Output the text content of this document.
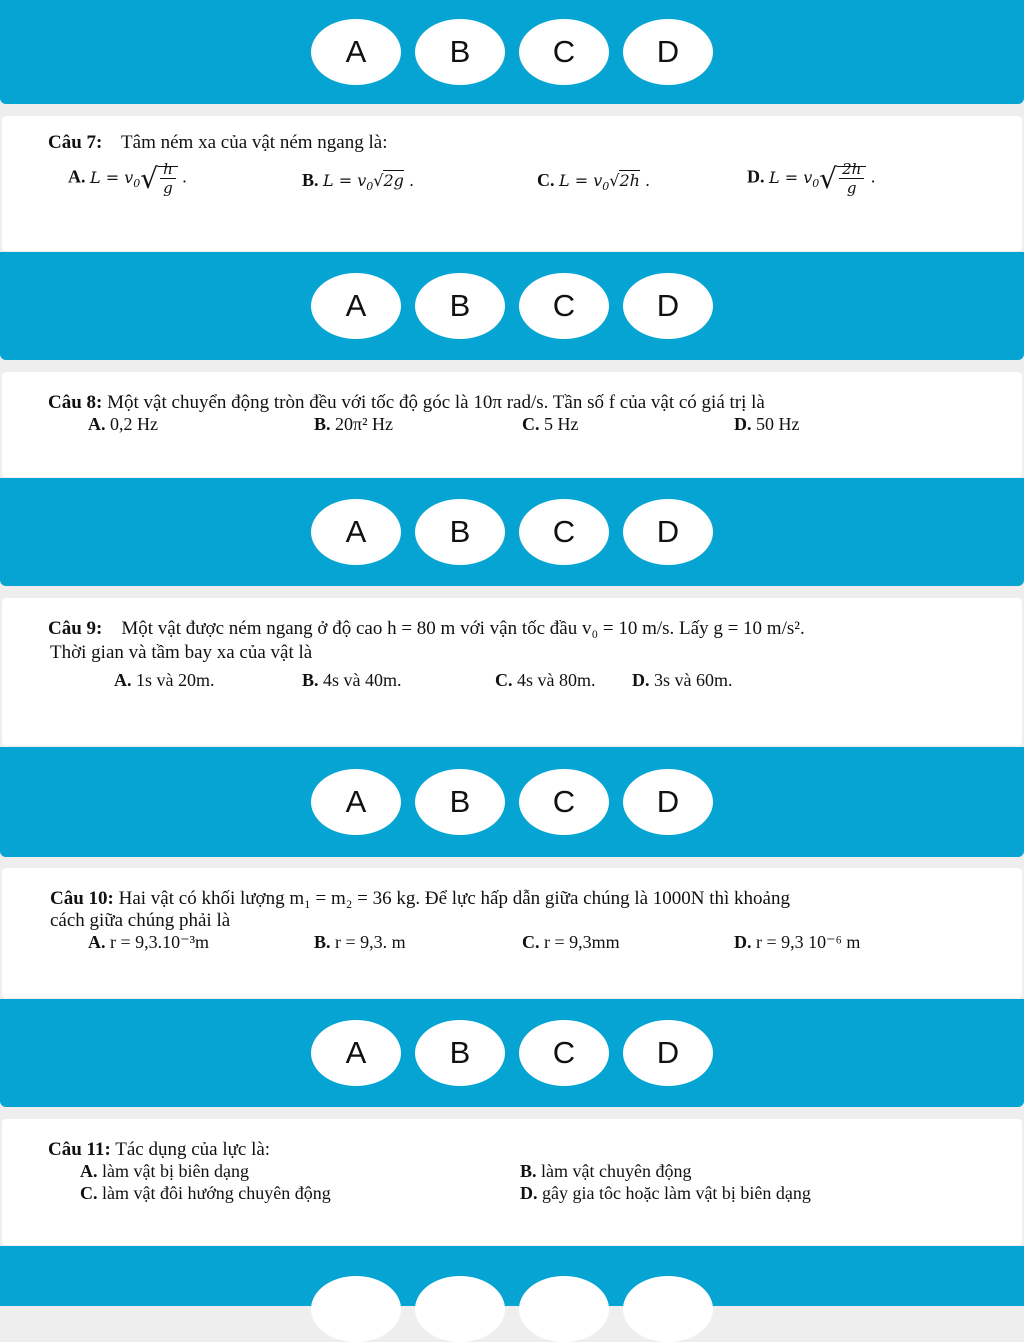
A	B	C	D
Câu 7: Tâm ném xa của vật ném ngang là:
A. $L = v_0√ \frac{h}{g}$ .	B. $L = v_0√2g$ .	C. $L = v_0√2h$ .	D. $L = v_0√ \frac{2h}{g}$ .
A	B	C	D
Câu 8: Một vật chuyển động tròn đều với tốc độ góc là 10π rad/s. Tần số f của vật có giá trị là
A. 0,2 Hz	B. 20π² Hz	C. 5 Hz	D. 50 Hz
A	B	C	D
Câu 9: Một vật được ném ngang ở độ cao h = 80 m với vận tốc đầu v₀ = 10 m/s. Lấy g = 10 m/s².
Thời gian và tầm bay xa của vật là
A. 1s và 20m.	B. 4s và 40m.	C. 4s và 80m. D. 3s và 60m.
A	B	C	D
Câu 10: Hai vật có khối lượng m₁ = m₂ = 36 kg. Để lực hấp dẫn giữa chúng là 1000N thì khoảng
cách giữa chúng phải là
A. r = 9,3.10⁻³m	B. r = 9,3. m	C. r = 9,3mm	D. r = 9,3 10⁻⁶ m
A	B	C	D
Câu 11: Tác dụng của lực là:
A. làm vật bị biên dạng	B. làm vật chuyên động
C. làm vật đôi hướng chuyên động	D. gây gia tôc hoặc làm vật bị biên dạng
